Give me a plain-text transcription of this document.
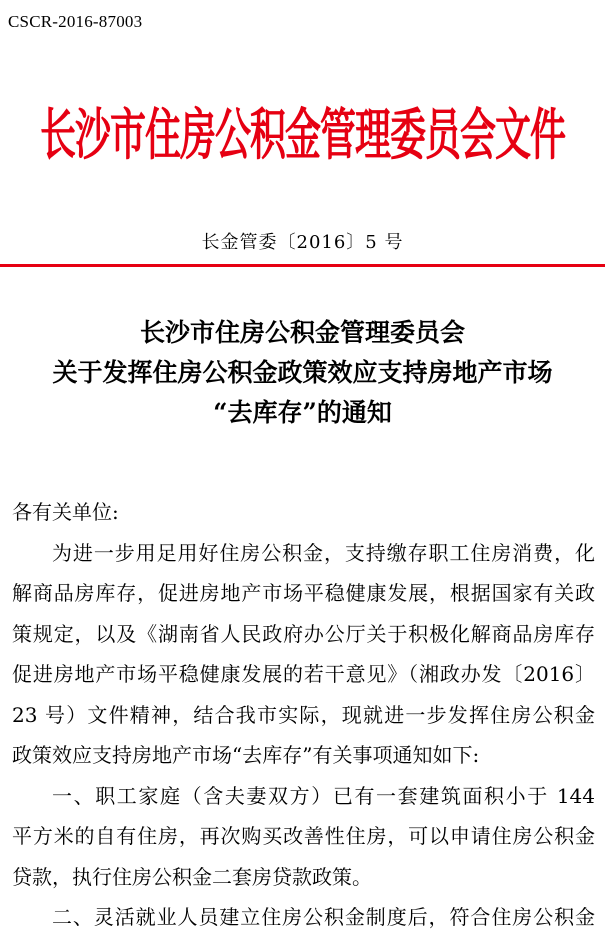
CSCR-2016-87003
长沙市住房公积金管理委员会文件
长金管委〔2016〕5 号
长沙市住房公积金管理委员会
关于发挥住房公积金政策效应支持房地产市场
“去库存”的通知
各有关单位:
为进一步用足用好住房公积金，支持缴存职工住房消费，化
解商品房库存，促进房地产市场平稳健康发展，根据国家有关政
策规定，以及《湖南省人民政府办公厅关于积极化解商品房库存
促进房地产市场平稳健康发展的若干意见》（湘政办发〔2016〕
23 号）文件精神，结合我市实际，现就进一步发挥住房公积金
政策效应支持房地产市场“去库存”有关事项通知如下:
一、职工家庭（含夫妻双方）已有一套建筑面积小于 144
平方米的自有住房，再次购买改善性住房，可以申请住房公积金
贷款，执行住房公积金二套房贷款政策。
二、灵活就业人员建立住房公积金制度后，符合住房公积金
